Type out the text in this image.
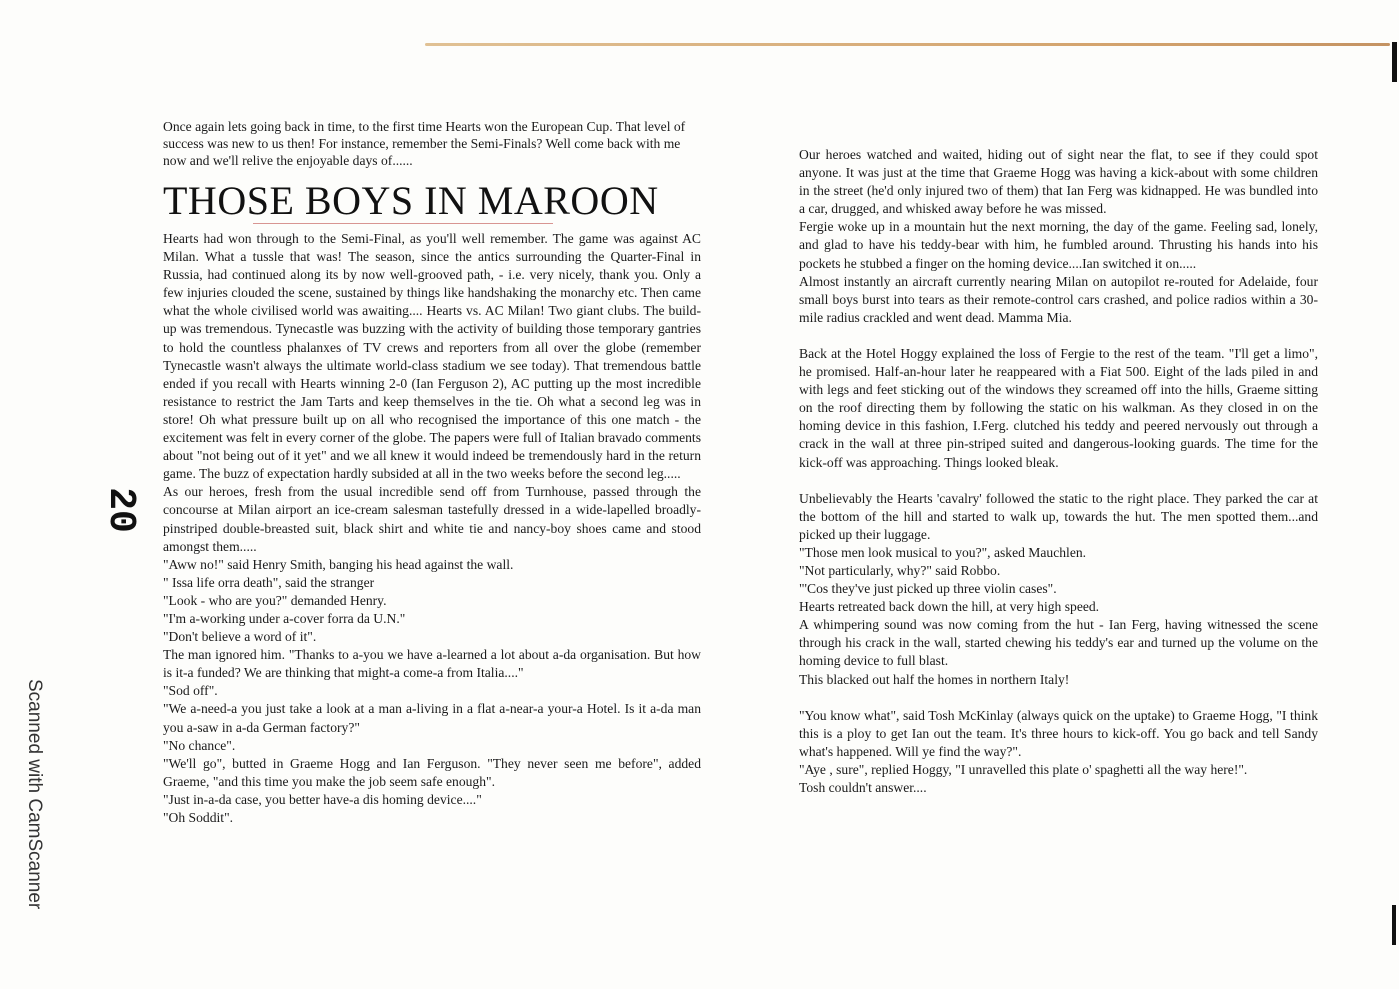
Scanned with CamScanner
20

Once again lets going back in time, to the first time Hearts won the European Cup. That level of success was new to us then! For instance, remember the Semi-Finals? Well come back with me now and we'll relive the enjoyable days of......

THOSE BOYS IN MAROON

Hearts had won through to the Semi-Final, as you'll well remember. The game was against AC Milan. What a tussle that was! The season, since the antics surrounding the Quarter-Final in Russia, had continued along its by now well-grooved path, - i.e. very nicely, thank you. Only a few injuries clouded the scene, sustained by things like handshaking the monarchy etc. Then came what the whole civilised world was awaiting.... Hearts vs. AC Milan! Two giant clubs. The build-up was tremendous. Tynecastle was buzzing with the activity of building those temporary gantries to hold the countless phalanxes of TV crews and reporters from all over the globe (remember Tynecastle wasn't always the ultimate world-class stadium we see today). That tremendous battle ended if you recall with Hearts winning 2-0 (Ian Ferguson 2), AC putting up the most incredible resistance to restrict the Jam Tarts and keep themselves in the tie. Oh what a second leg was in store! Oh what pressure built up on all who recognised the importance of this one match - the excitement was felt in every corner of the globe. The papers were full of Italian bravado comments about "not being out of it yet" and we all knew it would indeed be tremendously hard in the return game. The buzz of expectation hardly subsided at all in the two weeks before the second leg.....

As our heroes, fresh from the usual incredible send off from Turnhouse, passed through the concourse at Milan airport an ice-cream salesman tastefully dressed in a wide-lapelled broadly-pinstriped double-breasted suit, black shirt and white tie and nancy-boy shoes came and stood amongst them.....

"Aww no!" said Henry Smith, banging his head against the wall.

" Issa life orra death", said the stranger

"Look - who are you?" demanded Henry.

"I'm a-working under a-cover forra da U.N."

"Don't believe a word of it".

The man ignored him. "Thanks to a-you we have a-learned a lot about a-da organisation. But how is it-a funded? We are thinking that might-a come-a from Italia...."

"Sod off".

"We a-need-a you just take a look at a man a-living in a flat a-near-a your-a Hotel. Is it a-da man you a-saw in a-da German factory?"

"No chance".

"We'll go", butted in Graeme Hogg and Ian Ferguson. "They never seen me before", added Graeme, "and this time you make the job seem safe enough".

"Just in-a-da case, you better have-a dis homing device...."

"Oh Soddit".

Our heroes watched and waited, hiding out of sight near the flat, to see if they could spot anyone. It was just at the time that Graeme Hogg was having a kick-about with some children in the street (he'd only injured two of them) that Ian Ferg was kidnapped. He was bundled into a car, drugged, and whisked away before he was missed.

Fergie woke up in a mountain hut the next morning, the day of the game. Feeling sad, lonely, and glad to have his teddy-bear with him, he fumbled around. Thrusting his hands into his pockets he stubbed a finger on the homing device....Ian switched it on.....

Almost instantly an aircraft currently nearing Milan on autopilot re-routed for Adelaide, four small boys burst into tears as their remote-control cars crashed, and police radios within a 30-mile radius crackled and went dead. Mamma Mia.

Back at the Hotel Hoggy explained the loss of Fergie to the rest of the team. "I'll get a limo", he promised. Half-an-hour later he reappeared with a Fiat 500. Eight of the lads piled in and with legs and feet sticking out of the windows they screamed off into the hills, Graeme sitting on the roof directing them by following the static on his walkman. As they closed in on the homing device in this fashion, I.Ferg. clutched his teddy and peered nervously out through a crack in the wall at three pin-striped suited and dangerous-looking guards. The time for the kick-off was approaching. Things looked bleak.

Unbelievably the Hearts 'cavalry' followed the static to the right place. They parked the car at the bottom of the hill and started to walk up, towards the hut. The men spotted them...and picked up their luggage.

"Those men look musical to you?", asked Mauchlen.

"Not particularly, why?" said Robbo.

"'Cos they've just picked up three violin cases".

Hearts retreated back down the hill, at very high speed.

A whimpering sound was now coming from the hut - Ian Ferg, having witnessed the scene through his crack in the wall, started chewing his teddy's ear and turned up the volume on the homing device to full blast.

This blacked out half the homes in northern Italy!

"You know what", said Tosh McKinlay (always quick on the uptake) to Graeme Hogg, "I think this is a ploy to get Ian out the team. It's three hours to kick-off. You go back and tell Sandy what's happened. Will ye find the way?".

"Aye , sure", replied Hoggy, "I unravelled this plate o' spaghetti all the way here!".

Tosh couldn't answer....
